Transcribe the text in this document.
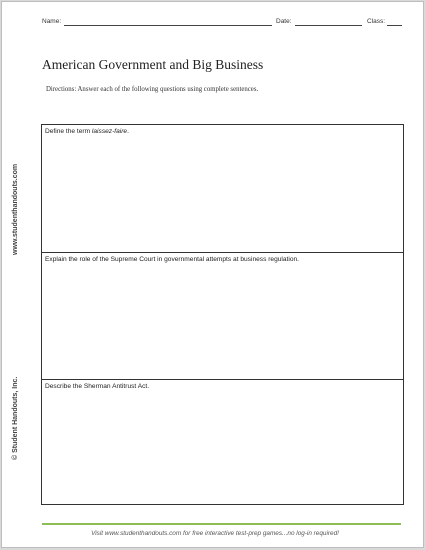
Name:	Date:	Class:
American Government and Big Business
Directions: Answer each of the following questions using complete sentences.
www.studenthandouts.com
© Student Handouts, Inc.
Define the term laissez-faire.
Explain the role of the Supreme Court in governmental attempts at business regulation.
Describe the Sherman Antitrust Act.
Visit www.studenthandouts.com for free interactive test-prep games...no log-in required!
